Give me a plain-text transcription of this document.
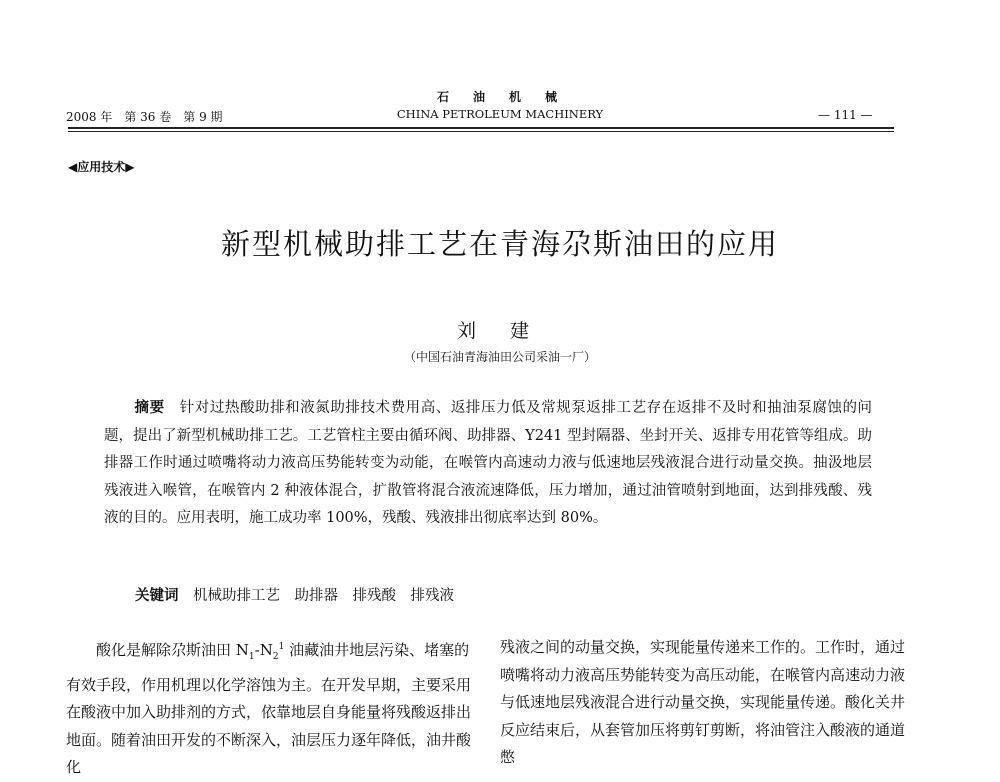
2008 年　第 36 卷　第 9 期
石　油　机　械
CHINA PETROLEUM MACHINERY	— 111 —
◀应用技术▶
新型机械助排工艺在青海尕斯油田的应用
刘 建
（中国石油青海油田公司采油一厂）
摘要　 针对过热酸助排和液氮助排技术费用高、返排压力低及常规泵返排工艺存在返排不及时和抽油泵腐蚀的问题，提出了新型机械助排工艺。工艺管柱主要由循环阀、助排器、Y241 型封隔器、坐封开关、返排专用花管等组成。助排器工作时通过喷嘴将动力液高压势能转变为动能，在喉管内高速动力液与低速地层残液混合进行动量交换。抽汲地层残液进入喉管，在喉管内 2 种液体混合，扩散管将混合液流速降低，压力增加，通过油管喷射到地面，达到排残酸、残液的目的。应用表明，施工成功率 100%，残酸、残液排出彻底率达到 80%。
关键词　 机械助排工艺　助排器　排残酸　排残液

酸化是解除尕斯油田 $N_1-N_2^1$ 油藏油井地层污染、堵塞的有效手段，作用机理以化学溶蚀为主。在开发早期，主要采用在酸液中加入助排剂的方式，依靠地层自身能量将残酸返排出地面。随着油田开发的不断深入，油层压力逐年降低，油井酸化

残液之间的动量交换，实现能量传递来工作的。工作时，通过喷嘴将动力液高压势能转变为高压动能，在喉管内高速动力液与低速地层残液混合进行动量交换，实现能量传递。酸化关井反应结束后，从套管加压将剪钉剪断，将油管注入酸液的通道憋
